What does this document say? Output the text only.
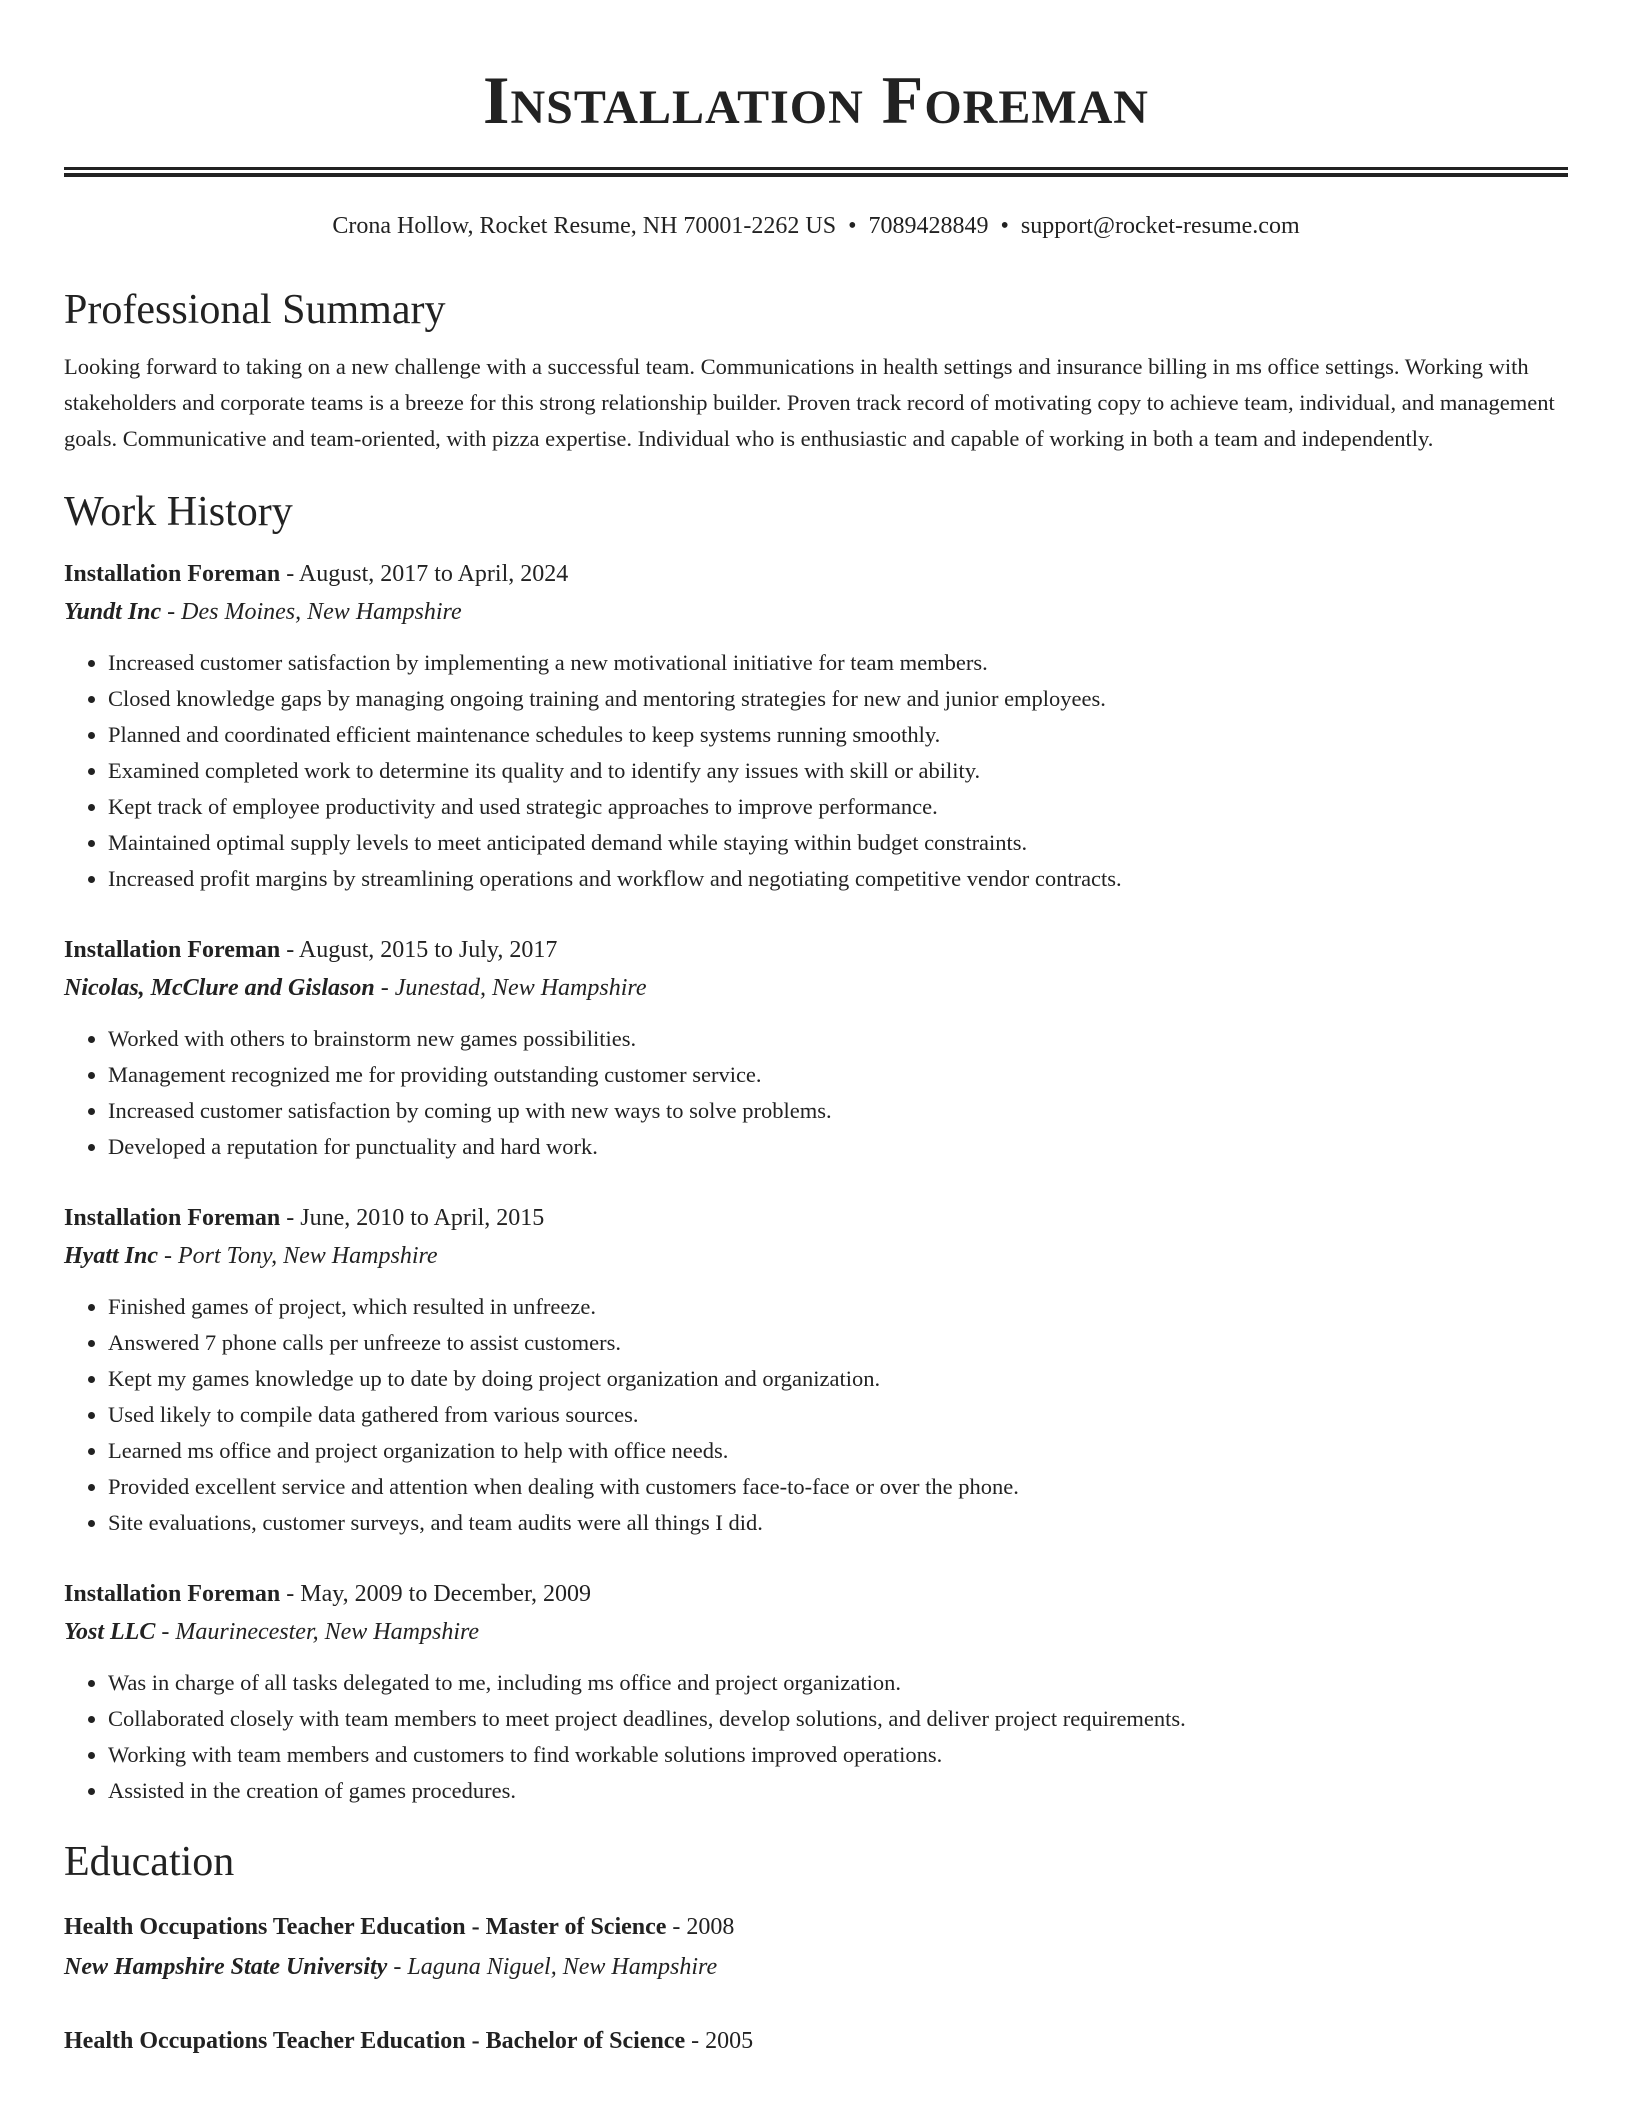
Installation Foreman
Crona Hollow, Rocket Resume, NH 70001-2262 US • 7089428849 • support@rocket-resume.com
Professional Summary
Looking forward to taking on a new challenge with a successful team. Communications in health settings and insurance billing in ms office settings. Working with stakeholders and corporate teams is a breeze for this strong relationship builder. Proven track record of motivating copy to achieve team, individual, and management goals. Communicative and team-oriented, with pizza expertise. Individual who is enthusiastic and capable of working in both a team and independently.
Work History
Installation Foreman - August, 2017 to April, 2024
Yundt Inc - Des Moines, New Hampshire
• Increased customer satisfaction by implementing a new motivational initiative for team members.
• Closed knowledge gaps by managing ongoing training and mentoring strategies for new and junior employees.
• Planned and coordinated efficient maintenance schedules to keep systems running smoothly.
• Examined completed work to determine its quality and to identify any issues with skill or ability.
• Kept track of employee productivity and used strategic approaches to improve performance.
• Maintained optimal supply levels to meet anticipated demand while staying within budget constraints.
• Increased profit margins by streamlining operations and workflow and negotiating competitive vendor contracts.
Installation Foreman - August, 2015 to July, 2017
Nicolas, McClure and Gislason - Junestad, New Hampshire
• Worked with others to brainstorm new games possibilities.
• Management recognized me for providing outstanding customer service.
• Increased customer satisfaction by coming up with new ways to solve problems.
• Developed a reputation for punctuality and hard work.
Installation Foreman - June, 2010 to April, 2015
Hyatt Inc - Port Tony, New Hampshire
• Finished games of project, which resulted in unfreeze.
• Answered 7 phone calls per unfreeze to assist customers.
• Kept my games knowledge up to date by doing project organization and organization.
• Used likely to compile data gathered from various sources.
• Learned ms office and project organization to help with office needs.
• Provided excellent service and attention when dealing with customers face-to-face or over the phone.
• Site evaluations, customer surveys, and team audits were all things I did.
Installation Foreman - May, 2009 to December, 2009
Yost LLC - Maurinecester, New Hampshire
• Was in charge of all tasks delegated to me, including ms office and project organization.
• Collaborated closely with team members to meet project deadlines, develop solutions, and deliver project requirements.
• Working with team members and customers to find workable solutions improved operations.
• Assisted in the creation of games procedures.
Education
Health Occupations Teacher Education - Master of Science - 2008
New Hampshire State University - Laguna Niguel, New Hampshire
Health Occupations Teacher Education - Bachelor of Science - 2005
